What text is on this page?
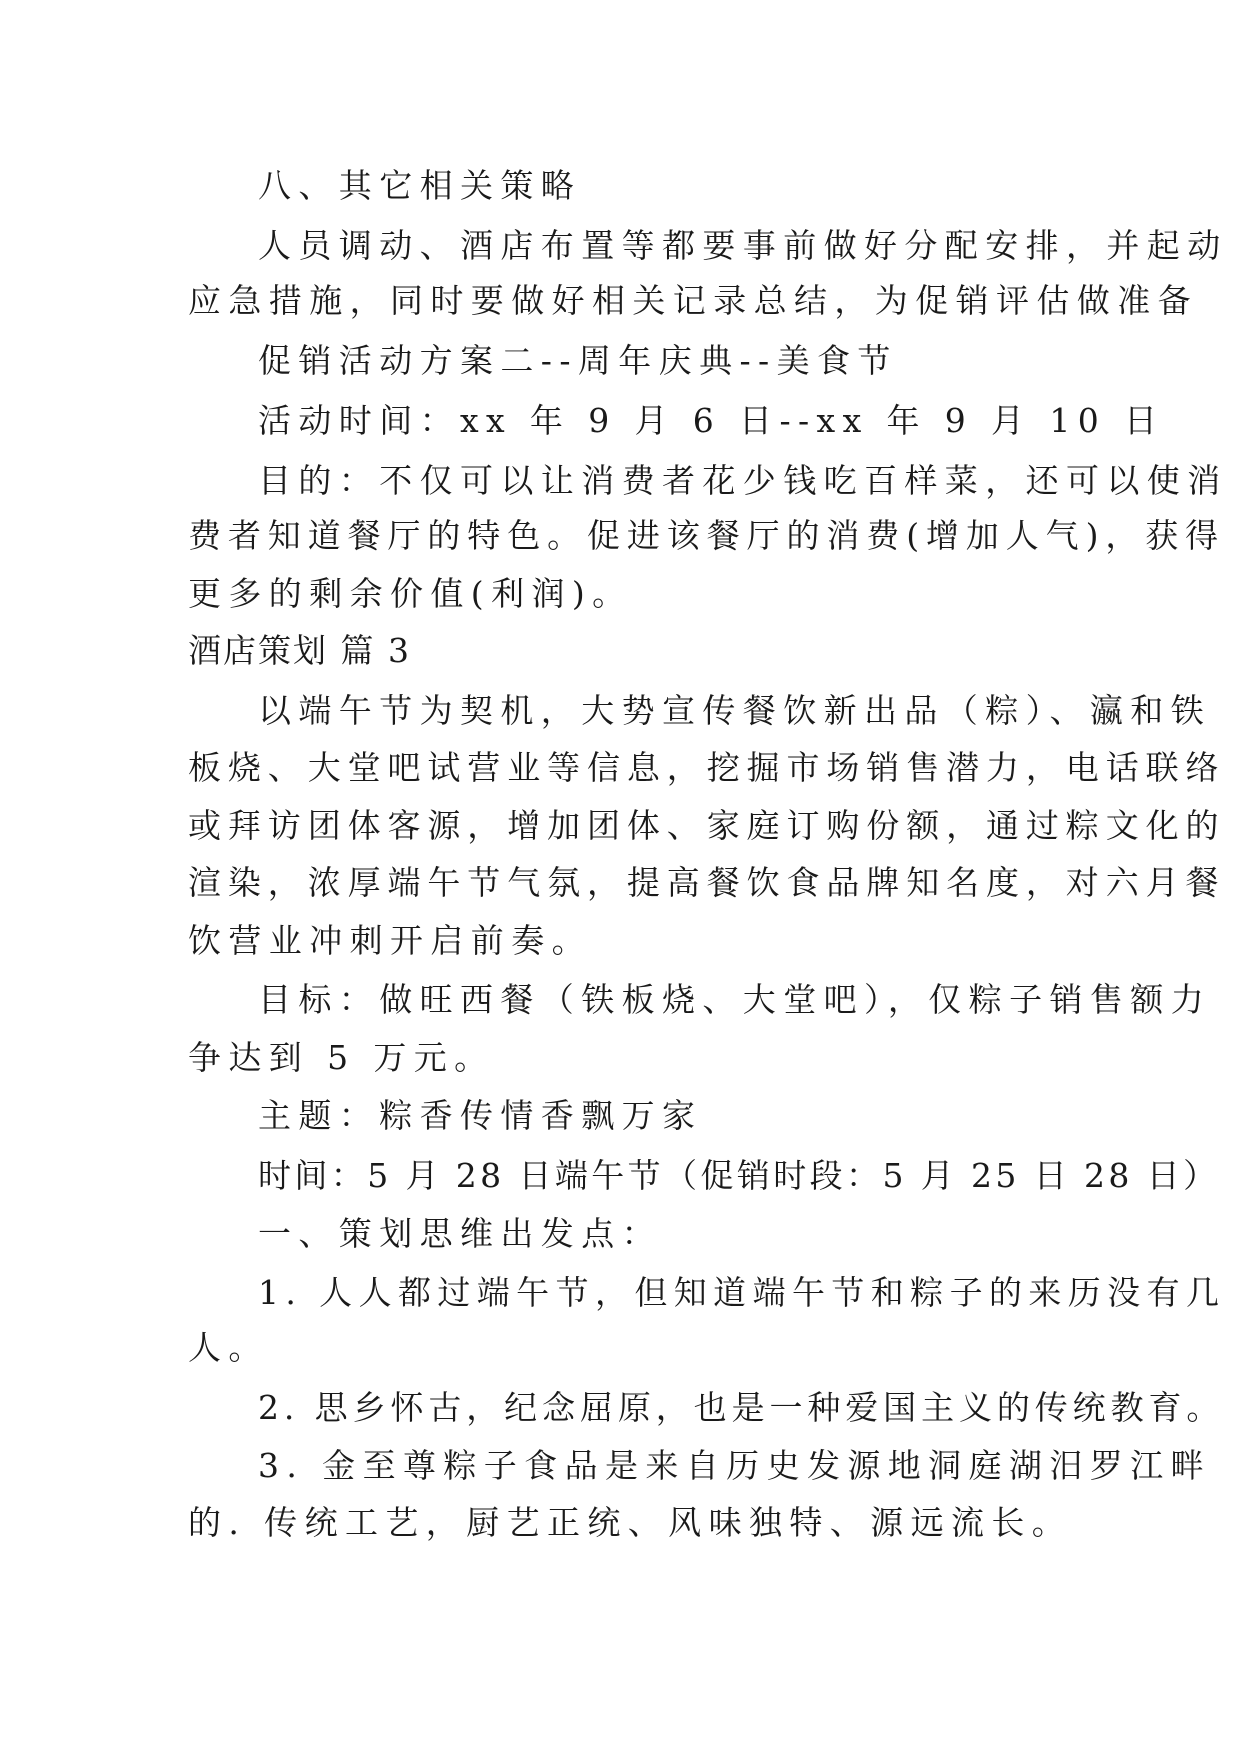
八、其它相关策略
人员调动、酒店布置等都要事前做好分配安排，并起动
应急措施，同时要做好相关记录总结，为促销评估做准备
促销活动方案二--周年庆典--美食节
活动时间：xx 年 9 月 6 日--xx 年 9 月 10 日
目的：不仅可以让消费者花少钱吃百样菜，还可以使消
费者知道餐厅的特色。促进该餐厅的消费(增加人气)，获得
更多的剩余价值(利润)。
酒店策划 篇 3
以端午节为契机，大势宣传餐饮新出品（粽）、瀛和铁
板烧、大堂吧试营业等信息，挖掘市场销售潜力，电话联络
或拜访团体客源，增加团体、家庭订购份额，通过粽文化的
渲染，浓厚端午节气氛，提高餐饮食品牌知名度，对六月餐
饮营业冲刺开启前奏。
目标：做旺西餐（铁板烧、大堂吧），仅粽子销售额力
争达到 5 万元。
主题：粽香传情香飘万家
时间：5 月 28 日端午节（促销时段：5 月 25 日 28 日）
一、策划思维出发点：
1. 人人都过端午节，但知道端午节和粽子的来历没有几
人。
2. 思乡怀古，纪念屈原，也是一种爱国主义的传统教育。
3. 金至尊粽子食品是来自历史发源地洞庭湖汨罗江畔
的. 传统工艺，厨艺正统、风味独特、源远流长。
